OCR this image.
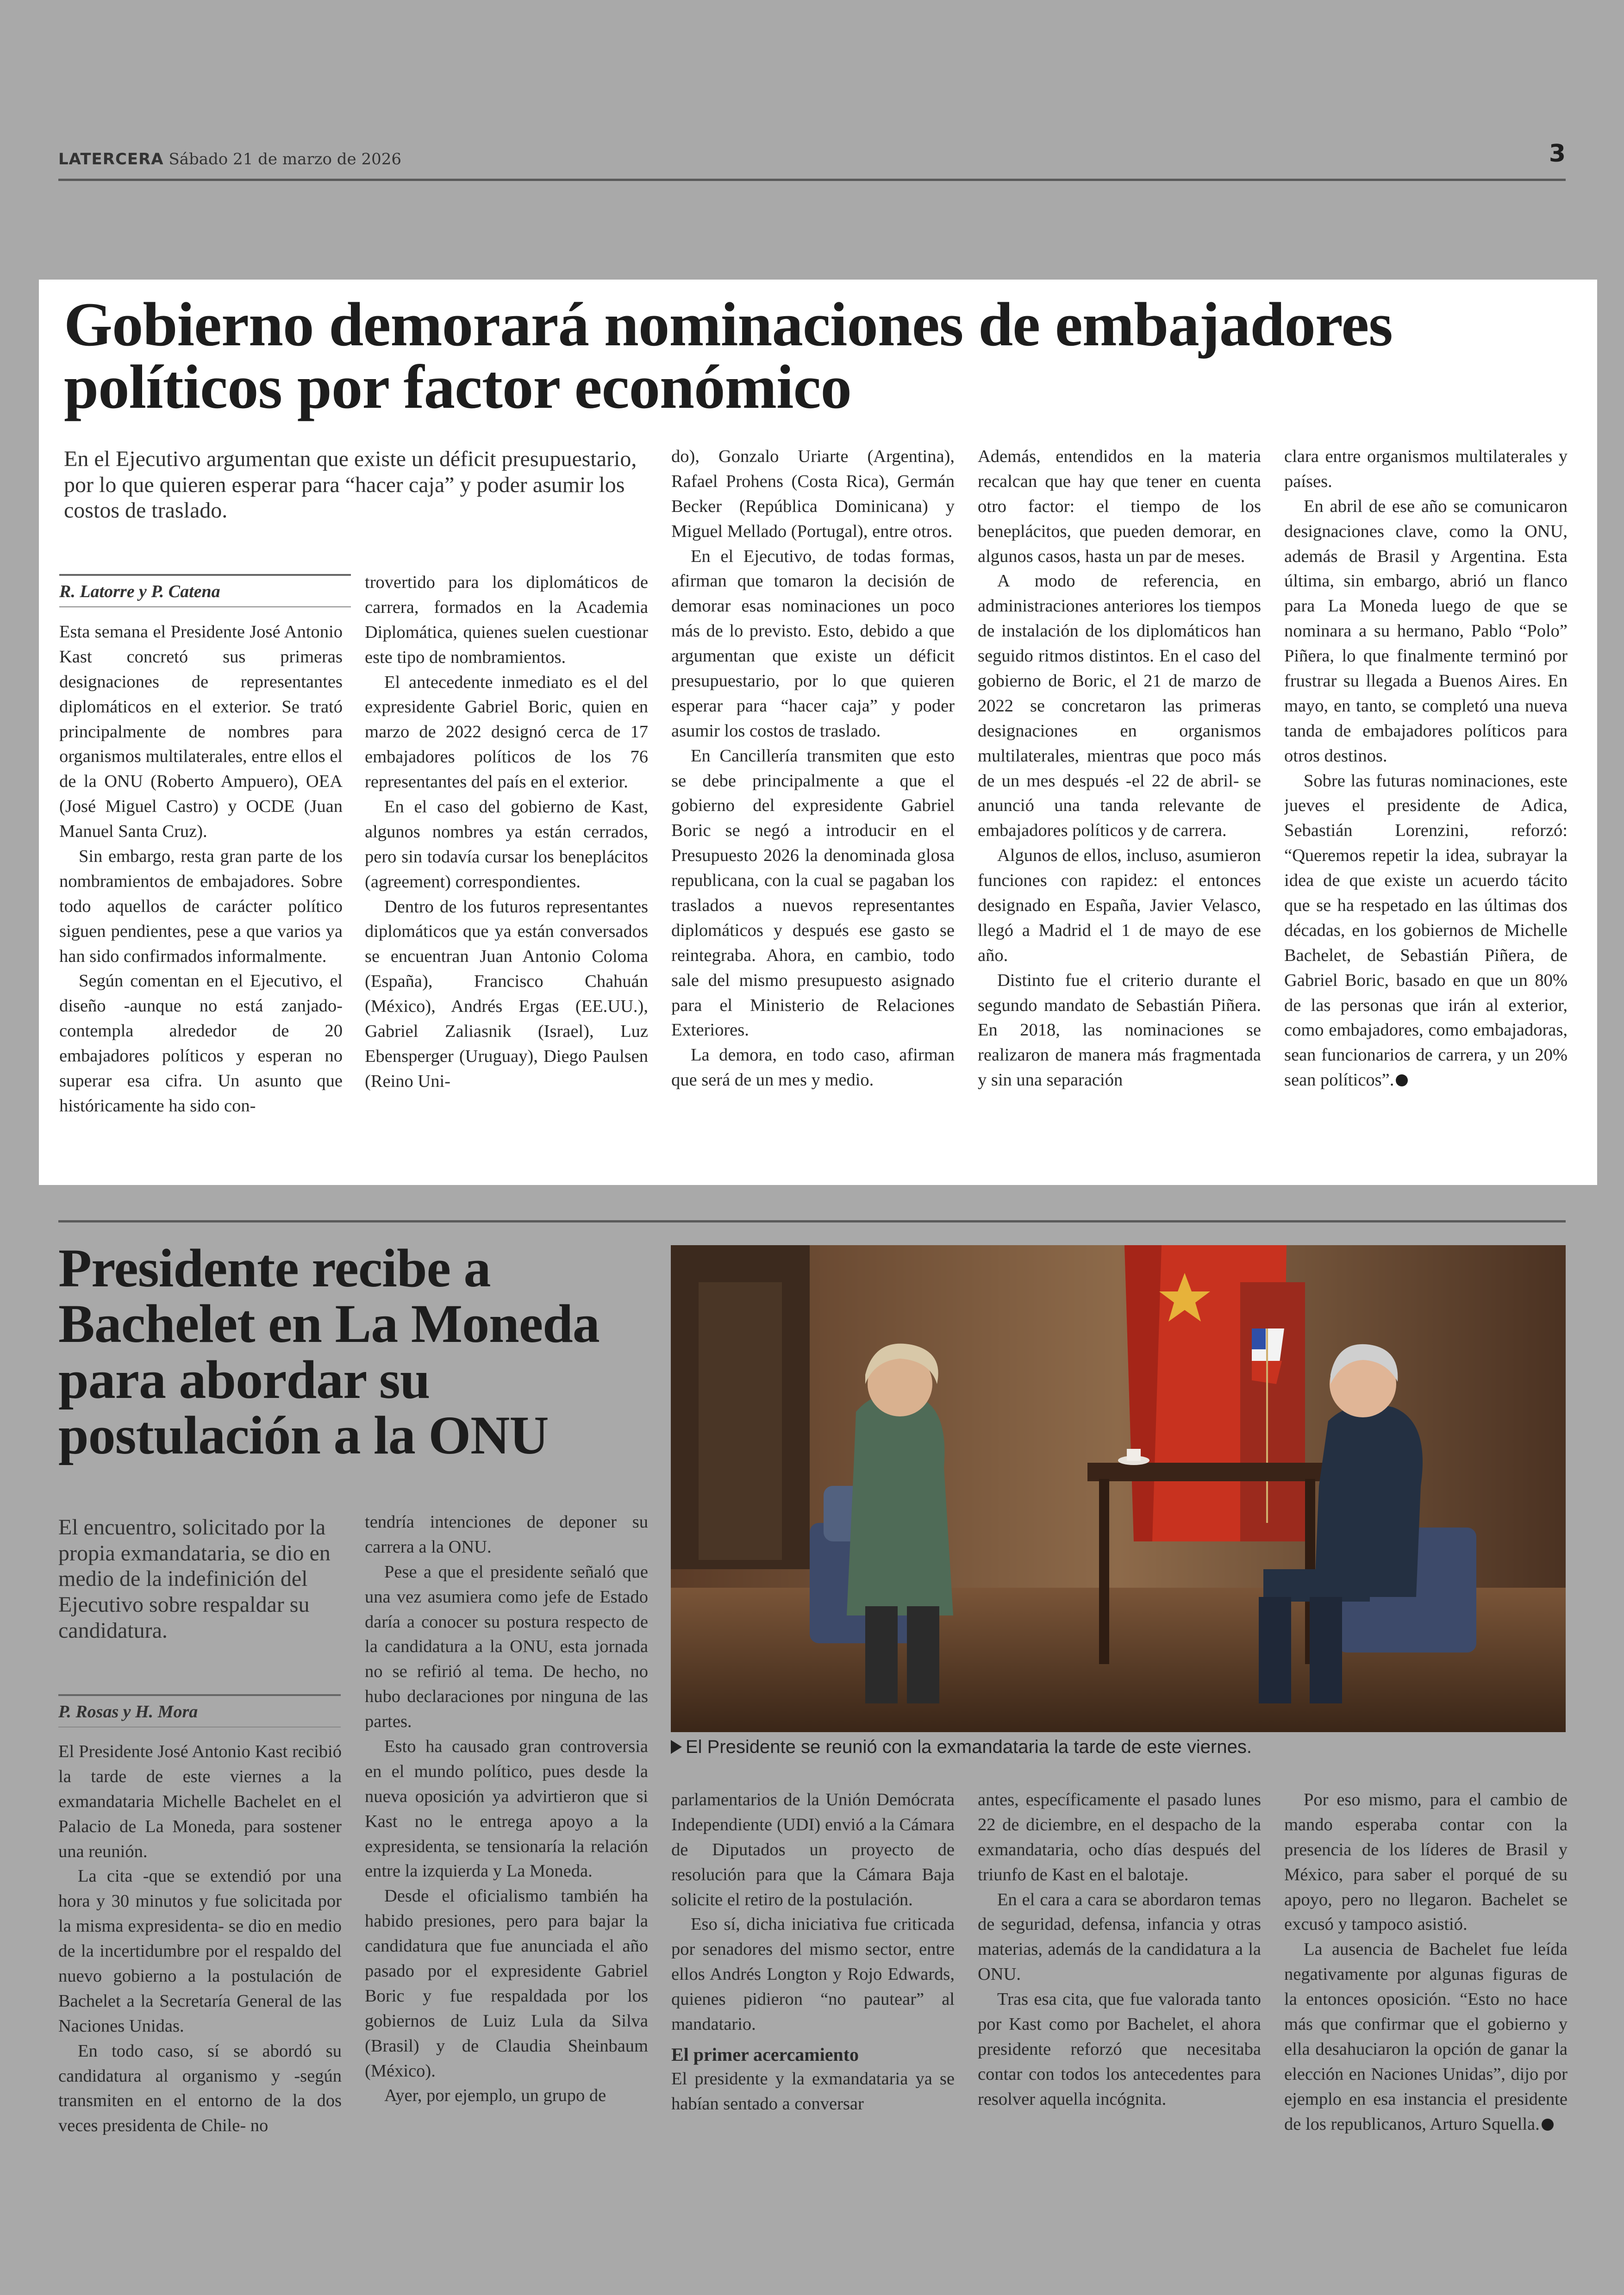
LATERCERA Sábado 21 de marzo de 2026	3
Gobierno demorará nominaciones de embajadores políticos por factor económico

En el Ejecutivo argumentan que existe un déficit presupuestario, por lo que quieren esperar para “hacer caja” y poder asumir los costos de traslado.

R. Latorre y P. Catena

Esta semana el Presidente José Antonio Kast concretó sus primeras designaciones de representantes diplomáticos en el exterior. Se trató principalmente de nombres para organismos multilaterales, entre ellos el de la ONU (Roberto Ampuero), OEA (José Miguel Castro) y OCDE (Juan Manuel Santa Cruz).

Sin embargo, resta gran parte de los nombramientos de embajadores. Sobre todo aquellos de carácter político siguen pendientes, pese a que varios ya han sido confirmados informalmente.

Según comentan en el Ejecutivo, el diseño -aunque no está zanjado- contempla alrededor de 20 embajadores políticos y esperan no superar esa cifra. Un asunto que históricamente ha sido con-

trovertido para los diplomáticos de carrera, formados en la Academia Diplomática, quienes suelen cuestionar este tipo de nombramientos.

El antecedente inmediato es el del expresidente Gabriel Boric, quien en marzo de 2022 designó cerca de 17 embajadores políticos de los 76 representantes del país en el exterior.

En el caso del gobierno de Kast, algunos nombres ya están cerrados, pero sin todavía cursar los beneplácitos (agreement) correspondientes.

Dentro de los futuros representantes diplomáticos que ya están conversados se encuentran Juan Antonio Coloma (España), Francisco Chahuán (México), Andrés Ergas (EE.UU.), Gabriel Zaliasnik (Israel), Luz Ebensperger (Uruguay), Diego Paulsen (Reino Uni-

do), Gonzalo Uriarte (Argentina), Rafael Prohens (Costa Rica), Germán Becker (República Dominicana) y Miguel Mellado (Portugal), entre otros.

En el Ejecutivo, de todas formas, afirman que tomaron la decisión de demorar esas nominaciones un poco más de lo previsto. Esto, debido a que argumentan que existe un déficit presupuestario, por lo que quieren esperar para “hacer caja” y poder asumir los costos de traslado.

En Cancillería transmiten que esto se debe principalmente a que el gobierno del expresidente Gabriel Boric se negó a introducir en el Presupuesto 2026 la denominada glosa republicana, con la cual se pagaban los traslados a nuevos representantes diplomáticos y después ese gasto se reintegraba. Ahora, en cambio, todo sale del mismo presupuesto asignado para el Ministerio de Relaciones Exteriores.

La demora, en todo caso, afirman que será de un mes y medio.

Además, entendidos en la materia recalcan que hay que tener en cuenta otro factor: el tiempo de los beneplácitos, que pueden demorar, en algunos casos, hasta un par de meses.

A modo de referencia, en administraciones anteriores los tiempos de instalación de los diplomáticos han seguido ritmos distintos. En el caso del gobierno de Boric, el 21 de marzo de 2022 se concretaron las primeras designaciones en organismos multilaterales, mientras que poco más de un mes después -el 22 de abril- se anunció una tanda relevante de embajadores políticos y de carrera.

Algunos de ellos, incluso, asumieron funciones con rapidez: el entonces designado en España, Javier Velasco, llegó a Madrid el 1 de mayo de ese año.

Distinto fue el criterio durante el segundo mandato de Sebastián Piñera. En 2018, las nominaciones se realizaron de manera más fragmentada y sin una separación

clara entre organismos multilaterales y países.

En abril de ese año se comunicaron designaciones clave, como la ONU, además de Brasil y Argentina. Esta última, sin embargo, abrió un flanco para La Moneda luego de que se nominara a su hermano, Pablo “Polo” Piñera, lo que finalmente terminó por frustrar su llegada a Buenos Aires. En mayo, en tanto, se completó una nueva tanda de embajadores políticos para otros destinos.

Sobre las futuras nominaciones, este jueves el presidente de Adica, Sebastián Lorenzini, reforzó: “Queremos repetir la idea, subrayar la idea de que existe un acuerdo tácito que se ha respetado en las últimas dos décadas, en los gobiernos de Michelle Bachelet, de Sebastián Piñera, de Gabriel Boric, basado en que un 80% de las personas que irán al exterior, como embajadores, como embajadoras, sean funcionarios de carrera, y un 20% sean políticos”.

Presidente recibe a Bachelet en La Moneda para abordar su postulación a la ONU

El encuentro, solicitado por la propia exmandataria, se dio en medio de la indefinición del Ejecutivo sobre respaldar su candidatura.

P. Rosas y H. Mora

El Presidente se reunió con la exmandataria la tarde de este viernes.

El Presidente José Antonio Kast recibió la tarde de este viernes a la exmandataria Michelle Bachelet en el Palacio de La Moneda, para sostener una reunión.

La cita -que se extendió por una hora y 30 minutos y fue solicitada por la misma expresidenta- se dio en medio de la incertidumbre por el respaldo del nuevo gobierno a la postulación de Bachelet a la Secretaría General de las Naciones Unidas.

En todo caso, sí se abordó su candidatura al organismo y -según transmiten en el entorno de la dos veces presidenta de Chile- no

tendría intenciones de deponer su carrera a la ONU.

Pese a que el presidente señaló que una vez asumiera como jefe de Estado daría a conocer su postura respecto de la candidatura a la ONU, esta jornada no se refirió al tema. De hecho, no hubo declaraciones por ninguna de las partes.

Esto ha causado gran controversia en el mundo político, pues desde la nueva oposición ya advirtieron que si Kast no le entrega apoyo a la expresidenta, se tensionaría la relación entre la izquierda y La Moneda.

Desde el oficialismo también ha habido presiones, pero para bajar la candidatura que fue anunciada el año pasado por el expresidente Gabriel Boric y fue respaldada por los gobiernos de Luiz Lula da Silva (Brasil) y de Claudia Sheinbaum (México).

Ayer, por ejemplo, un grupo de

parlamentarios de la Unión Demócrata Independiente (UDI) envió a la Cámara de Diputados un proyecto de resolución para que la Cámara Baja solicite el retiro de la postulación.

Eso sí, dicha iniciativa fue criticada por senadores del mismo sector, entre ellos Andrés Longton y Rojo Edwards, quienes pidieron “no pautear” al mandatario.

El primer acercamiento

El presidente y la exmandataria ya se habían sentado a conversar

antes, específicamente el pasado lunes 22 de diciembre, en el despacho de la exmandataria, ocho días después del triunfo de Kast en el balotaje.

En el cara a cara se abordaron temas de seguridad, defensa, infancia y otras materias, además de la candidatura a la ONU.

Tras esa cita, que fue valorada tanto por Kast como por Bachelet, el ahora presidente reforzó que necesitaba contar con todos los antecedentes para resolver aquella incógnita.

Por eso mismo, para el cambio de mando esperaba contar con la presencia de los líderes de Brasil y México, para saber el porqué de su apoyo, pero no llegaron. Bachelet se excusó y tampoco asistió.

La ausencia de Bachelet fue leída negativamente por algunas figuras de la entonces oposición. “Esto no hace más que confirmar que el gobierno y ella desahuciaron la opción de ganar la elección en Naciones Unidas”, dijo por ejemplo en esa instancia el presidente de los republicanos, Arturo Squella.
